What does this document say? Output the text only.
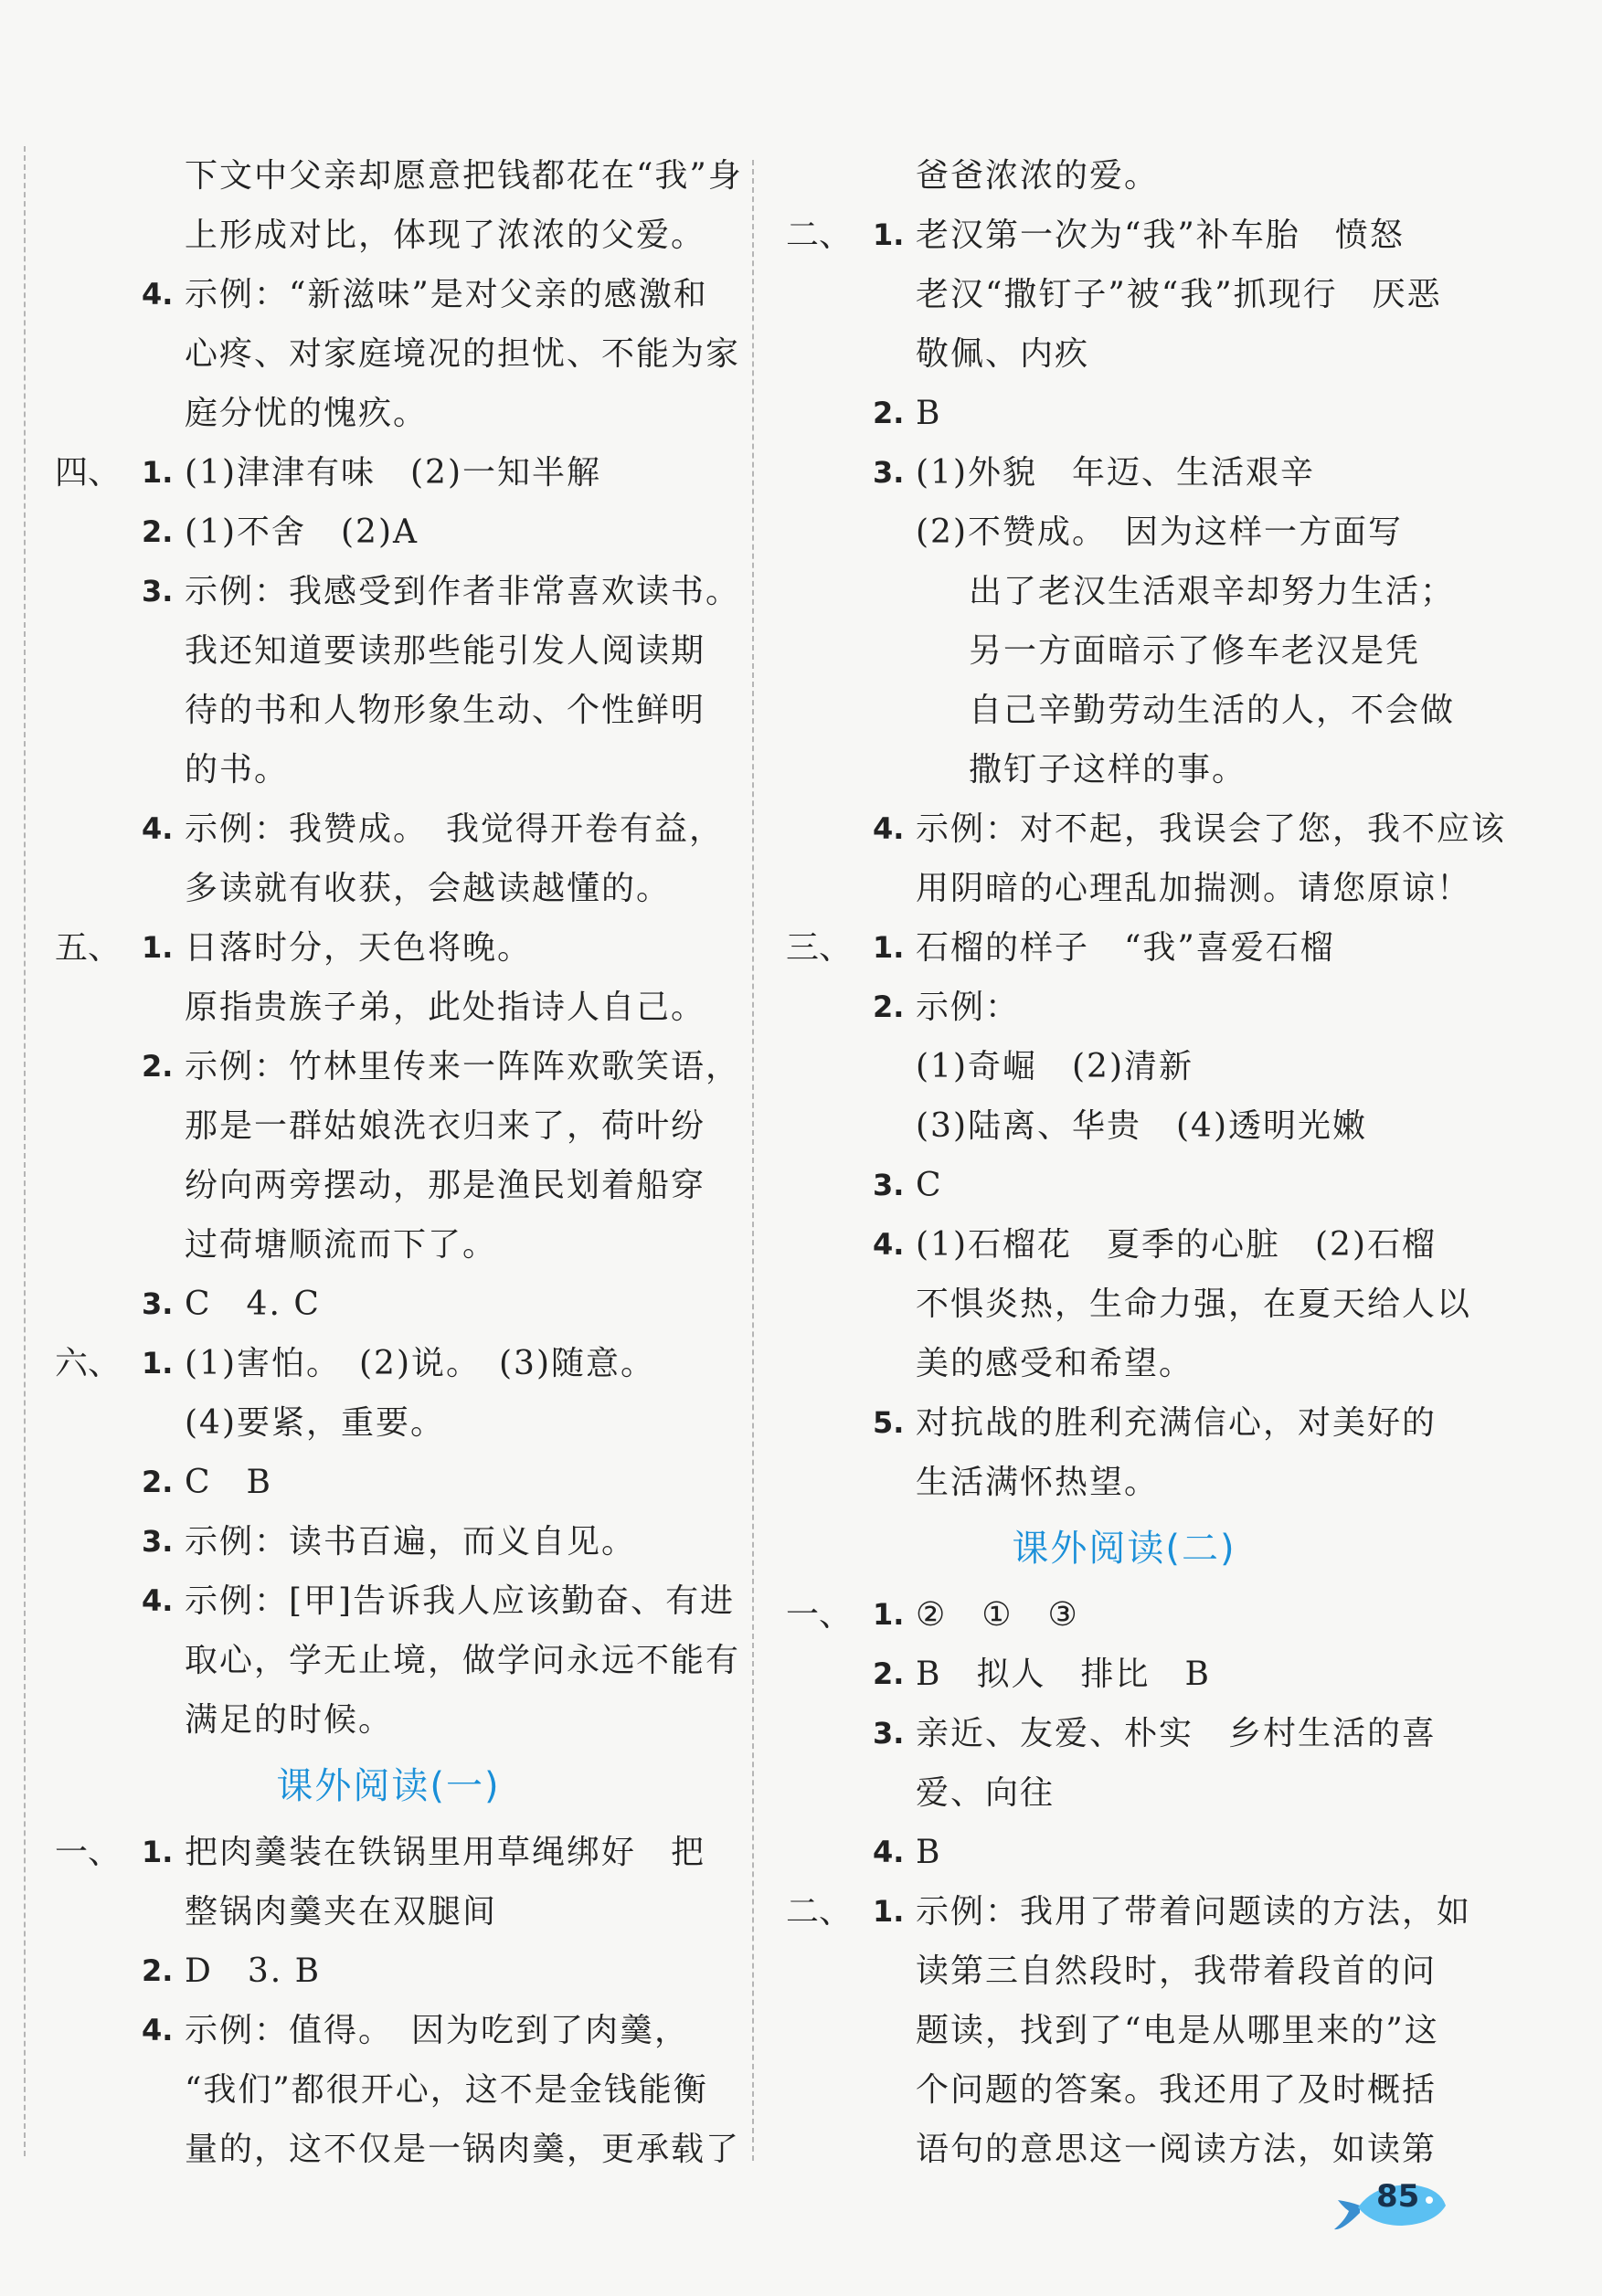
下文中父亲却愿意把钱都花在“我”身
上形成对比，体现了浓浓的父爱。
4. 示例：“新滋味”是对父亲的感激和
心疼、对家庭境况的担忧、不能为家
庭分忧的愧疚。
四、 1. (1)津津有味　(2)一知半解
2. (1)不舍　(2)A
3. 示例：我感受到作者非常喜欢读书。
我还知道要读那些能引发人阅读期
待的书和人物形象生动、个性鲜明
的书。
4. 示例：我赞成。　我觉得开卷有益，
多读就有收获，会越读越懂的。
五、 1. 日落时分，天色将晚。
原指贵族子弟，此处指诗人自己。
2. 示例：竹林里传来一阵阵欢歌笑语，
那是一群姑娘洗衣归来了，荷叶纷
纷向两旁摆动，那是渔民划着船穿
过荷塘顺流而下了。
3. C　4. C
六、 1. (1)害怕。　(2)说。　(3)随意。
(4)要紧，重要。
2. C　B
3. 示例：读书百遍，而义自见。
4. 示例：[甲]告诉我人应该勤奋、有进
取心，学无止境，做学问永远不能有
满足的时候。
课外阅读(一)
一、 1. 把肉羹装在铁锅里用草绳绑好　把
整锅肉羹夹在双腿间
2. D　3. B
4. 示例：值得。　因为吃到了肉羹，
“我们”都很开心，这不是金钱能衡
量的，这不仅是一锅肉羹，更承载了
爸爸浓浓的爱。
二、 1. 老汉第一次为“我”补车胎　愤怒
老汉“撒钉子”被“我”抓现行　厌恶
敬佩、内疚
2. B
3. (1)外貌　年迈、生活艰辛
(2)不赞成。　因为这样一方面写
出了老汉生活艰辛却努力生活；
另一方面暗示了修车老汉是凭
自己辛勤劳动生活的人，不会做
撒钉子这样的事。
4. 示例：对不起，我误会了您，我不应该
用阴暗的心理乱加揣测。请您原谅！
三、 1. 石榴的样子　“我”喜爱石榴
2. 示例：
(1)奇崛　(2)清新
(3)陆离、华贵　(4)透明光嫩
3. C
4. (1)石榴花　夏季的心脏　(2)石榴
不惧炎热，生命力强，在夏天给人以
美的感受和希望。
5. 对抗战的胜利充满信心，对美好的
生活满怀热望。
课外阅读(二)
一、 1. ②　①　③
2. B　拟人　排比　B
3. 亲近、友爱、朴实　乡村生活的喜
爱、向往
4. B
二、 1. 示例：我用了带着问题读的方法，如
读第三自然段时，我带着段首的问
题读，找到了“电是从哪里来的”这
个问题的答案。我还用了及时概括
语句的意思这一阅读方法，如读第
85
